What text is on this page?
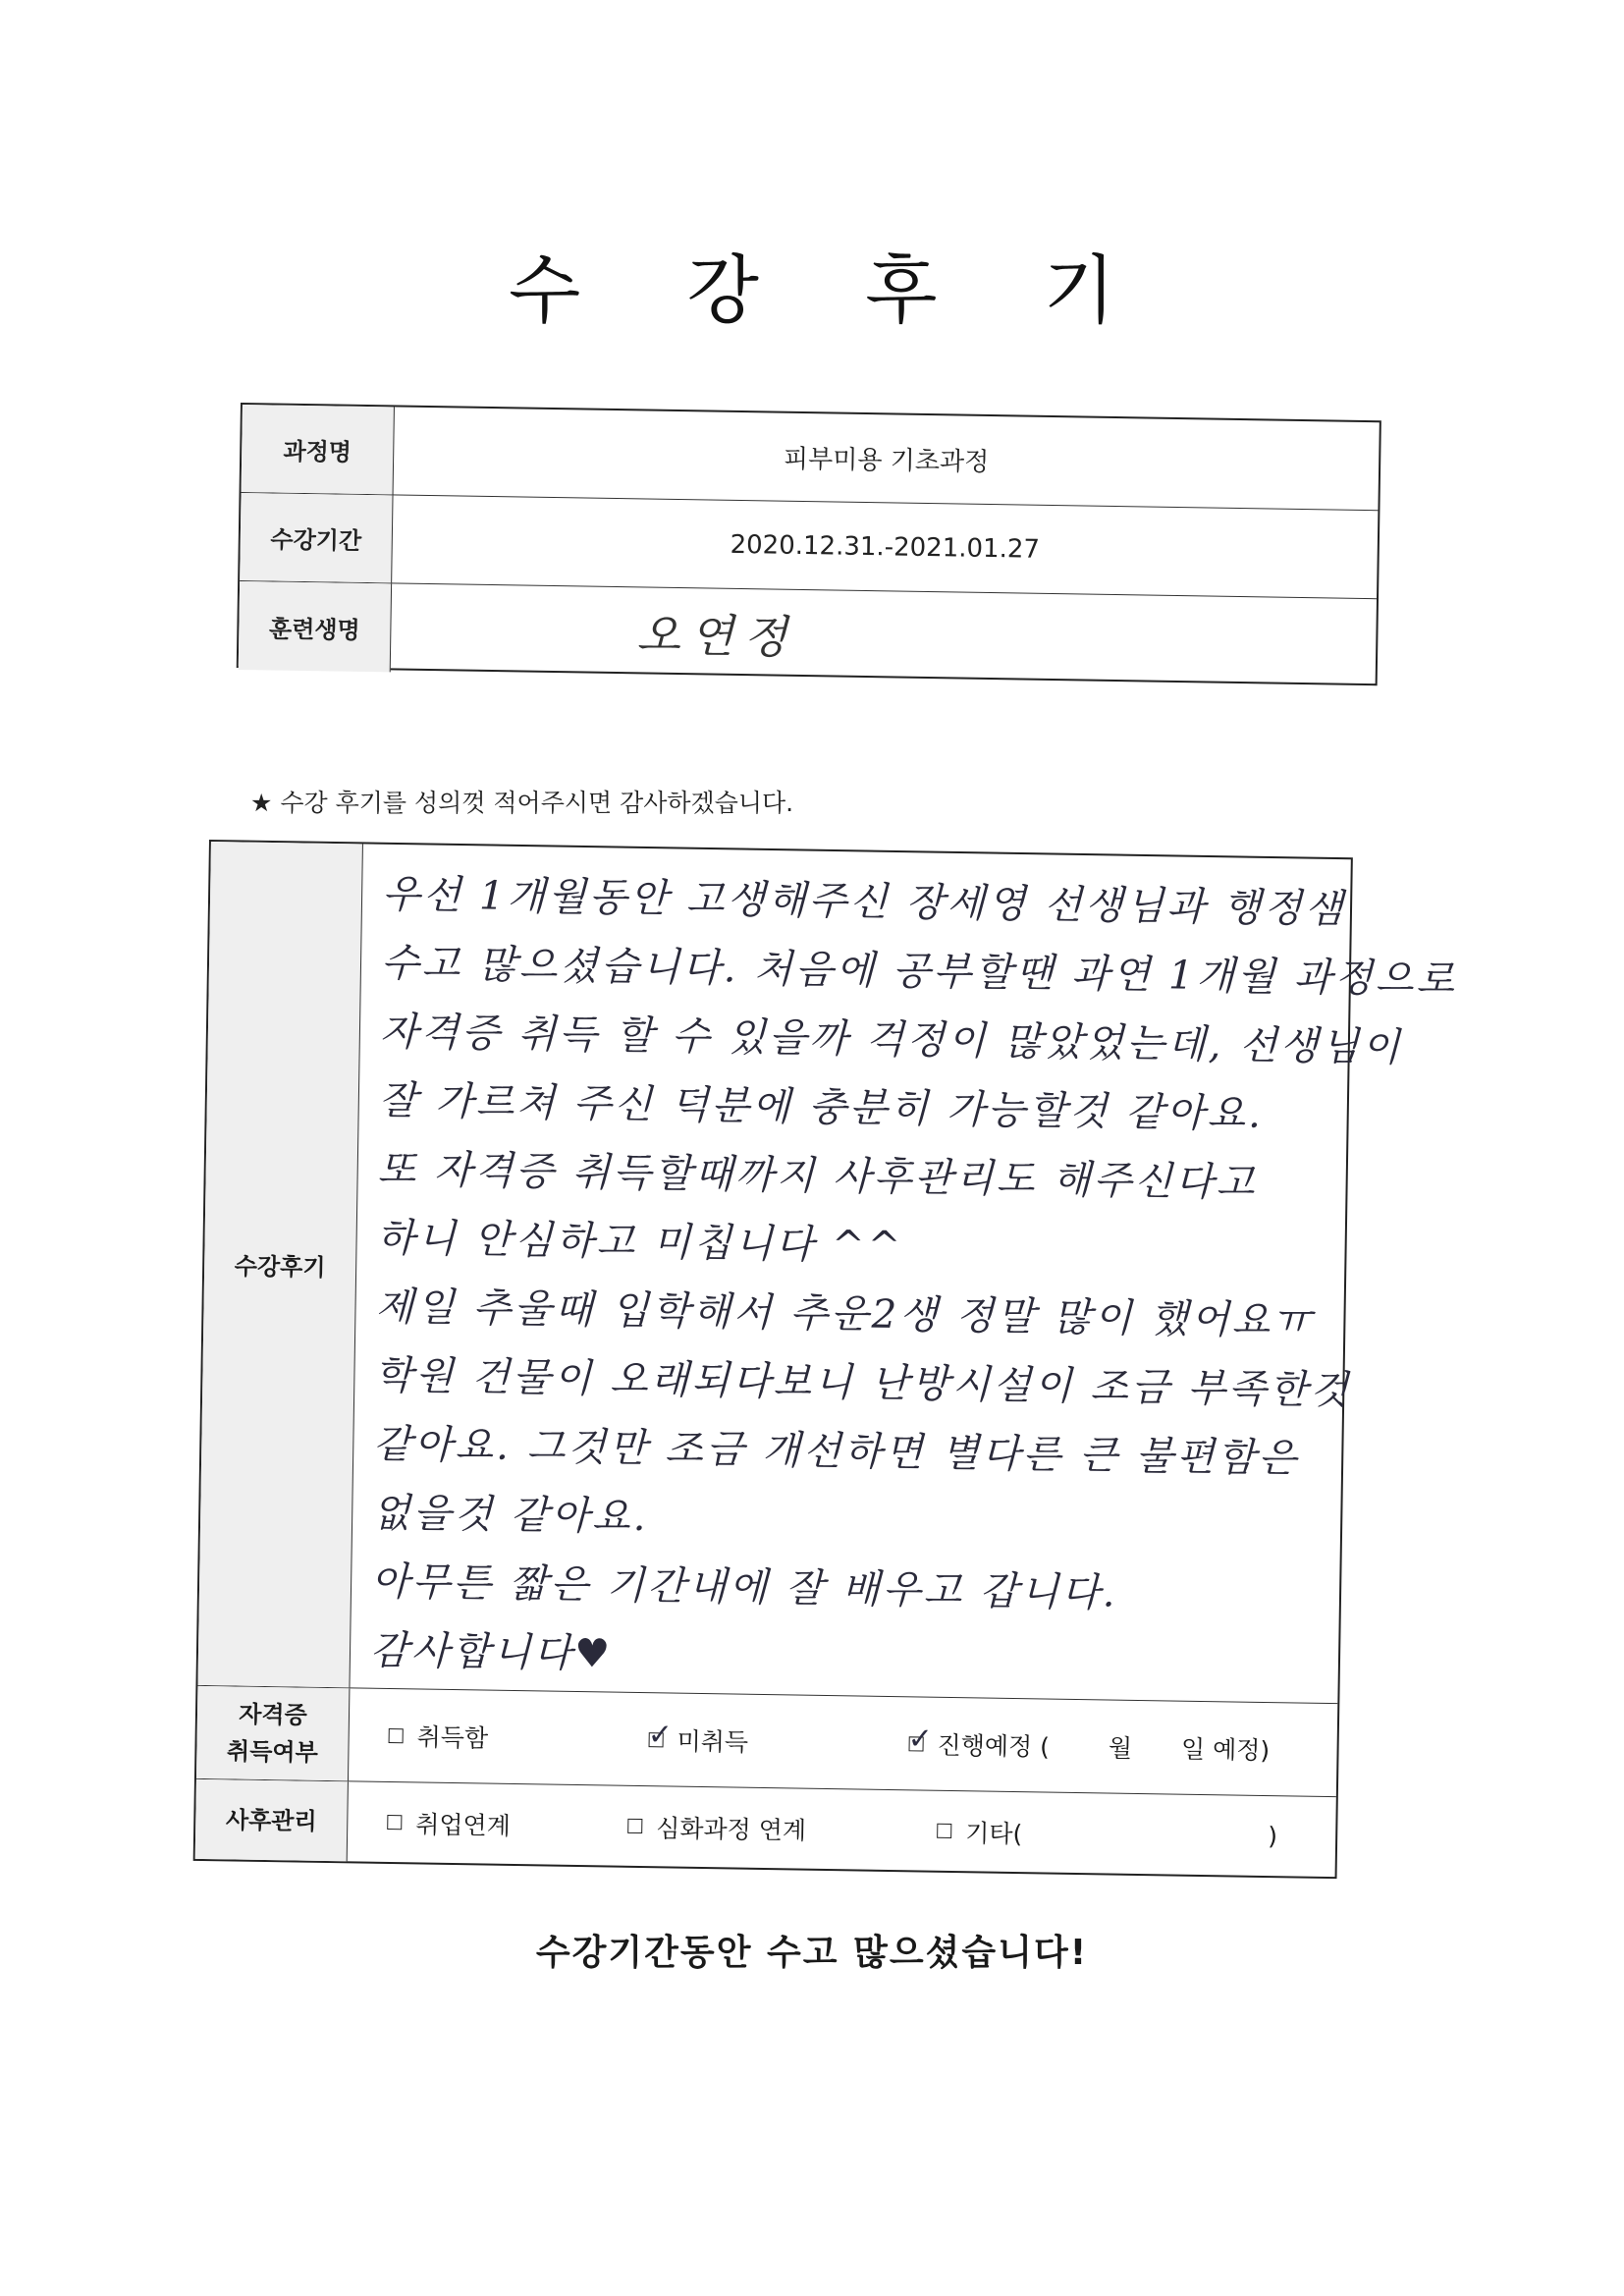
수 강 후 기
과정명	피부미용 기초과정
수강기간	2020.12.31.-2021.01.27
훈련생명	오연정
★ 수강 후기를 성의껏 적어주시면 감사하겠습니다.
수강후기
우선 1개월동안 고생해주신 장세영 선생님과 행정샘
수고 많으셨습니다. 처음에 공부할땐 과연 1개월 과정으로
자격증 취득 할 수 있을까 걱정이 많았었는데, 선생님이
잘 가르쳐 주신 덕분에 충분히 가능할것 같아요.
또 자격증 취득할때까지 사후관리도 해주신다고
하니 안심하고 미칩니다 ^^
제일 추울때 입학해서 추운2생 정말 많이 했어요ㅠ
학원 건물이 오래되다보니 난방시설이 조금 부족한것
같아요. 그것만 조금 개선하면 별다른 큰 불편함은
없을것 같아요.
아무튼 짧은 기간내에 잘 배우고 갑니다.
감사합니다♥
자격증
취득여부	취득함	✓ 미취득	✓ 진행예정 ( 월 일 예정)
사후관리	취업연계	심화과정 연계	기타(	)
수강기간동안 수고 많으셨습니다!
